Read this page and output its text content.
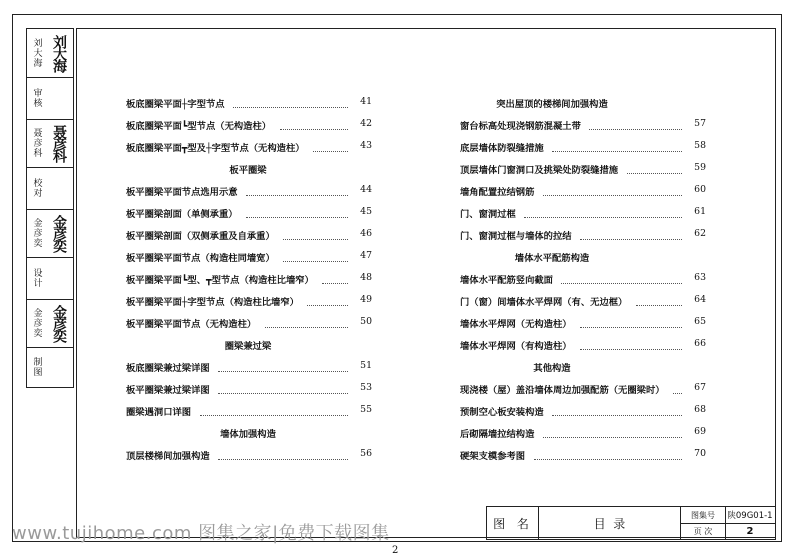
刘大海 刘大海
审核
聂彦科 聂彦科
校对
金彦奕 金彦奕
设计
金彦奕 金彦奕
制图
板底圈梁平面┼字型节点	41
板底圈梁平面┗型节点（无构造柱）	42
板底圈梁平面┳型及┼字型节点（无构造柱）	43
板平圈梁
板平圈梁平面节点选用示意	44
板平圈梁剖面（单侧承重）	45
板平圈梁剖面（双侧承重及自承重）	46
板平圈梁平面节点（构造柱同墙宽）	47
板平圈梁平面┗型、┳型节点（构造柱比墙窄）	48
板平圈梁平面┼字型节点（构造柱比墙窄）	49
板平圈梁平面节点（无构造柱）	50
圈梁兼过梁
板底圈梁兼过梁详图	51
板平圈梁兼过梁详图	53
圈梁遇洞口详图	55
墙体加强构造
顶层楼梯间加强构造	56
突出屋顶的楼梯间加强构造
窗台标高处现浇钢筋混凝土带	57
底层墙体防裂缝措施	58
顶层墙体门窗洞口及挑梁处防裂缝措施	59
墙角配置拉结钢筋	60
门、窗洞过框	61
门、窗洞过框与墙体的拉结	62
墙体水平配筋构造
墙体水平配筋竖向截面	63
门（窗）间墙体水平焊网（有、无边框）	64
墙体水平焊网（无构造柱）	65
墙体水平焊网（有构造柱）	66
其他构造
现浇楼（屋）盖沿墙体周边加强配筋（无圈梁时）	67
预制空心板安装构造	68
后砌隔墙拉结构造	69
硬架支模参考图	70
图 名	目  录
图集号	陕09G01-1
页 次	2
www.tujihome.com 图集之家|免费下载图集
2
